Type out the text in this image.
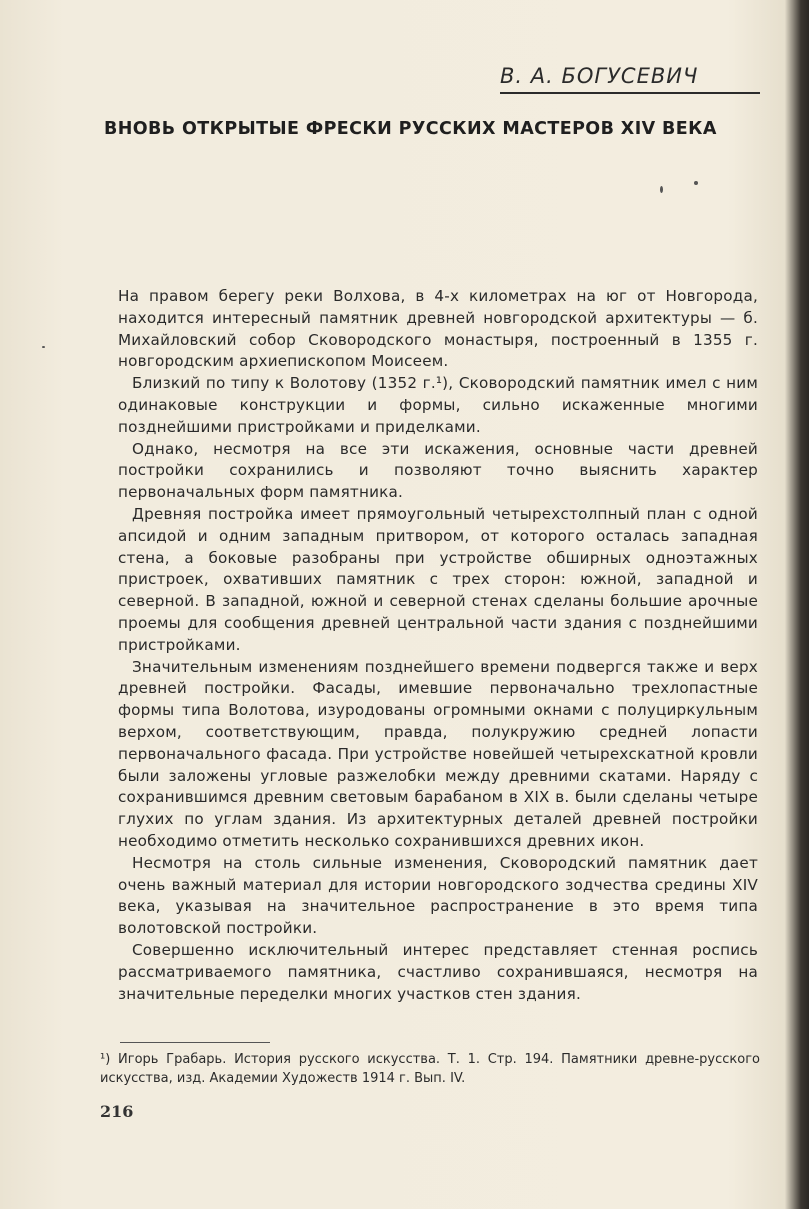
В. А. БОГУСЕВИЧ
ВНОВЬ ОТКРЫТЫЕ ФРЕСКИ РУССКИХ МАСТЕРОВ XIV ВЕКА

На правом берегу реки Волхова, в 4-х километрах на юг от Новгорода, находится интересный памятник древней новгородской архитектуры — б. Михайловский собор Сковородского монастыря, построенный в 1355 г. новгородским архиепископом Моисеем.

Близкий по типу к Волотову (1352 г.¹), Сковородский памятник имел с ним одинаковые конструкции и формы, сильно искаженные многими позднейшими пристройками и приделками.

Однако, несмотря на все эти искажения, основные части древней постройки сохранились и позволяют точно выяснить характер первоначальных форм памятника.

Древняя постройка имеет прямоугольный четырехстолпный план с одной апсидой и одним западным притвором, от которого осталась западная стена, а боковые разобраны при устройстве обширных одноэтажных пристроек, охвативших памятник с трех сторон: южной, западной и северной. В западной, южной и северной стенах сделаны большие арочные проемы для сообщения древней центральной части здания с позднейшими пристройками.

Значительным изменениям позднейшего времени подвергся также и верх древней постройки. Фасады, имевшие первоначально трехлопастные формы типа Волотова, изуродованы огромными окнами с полуциркульным верхом, соответствующим, правда, полукружию средней лопасти первоначального фасада. При устройстве новейшей четырехскатной кровли были заложены угловые разжелобки между древними скатами. Наряду с сохранившимся древним световым барабаном в XIX в. были сделаны четыре глухих по углам здания. Из архитектурных деталей древней постройки необходимо отметить несколько сохранившихся древних икон.

Несмотря на столь сильные изменения, Сковородский памятник дает очень важный материал для истории новгородского зодчества средины XIV века, указывая на значительное распространение в это время типа волотовской постройки.

Совершенно исключительный интерес представляет стенная роспись рассматриваемого памятника, счастливо сохранившаяся, несмотря на значительные переделки многих участков стен здания.

¹) Игорь Грабарь. История русского искусства. Т. 1. Стр. 194. Памятники древне-русского искусства, изд. Академии Художеств 1914 г. Вып. IV.
216
